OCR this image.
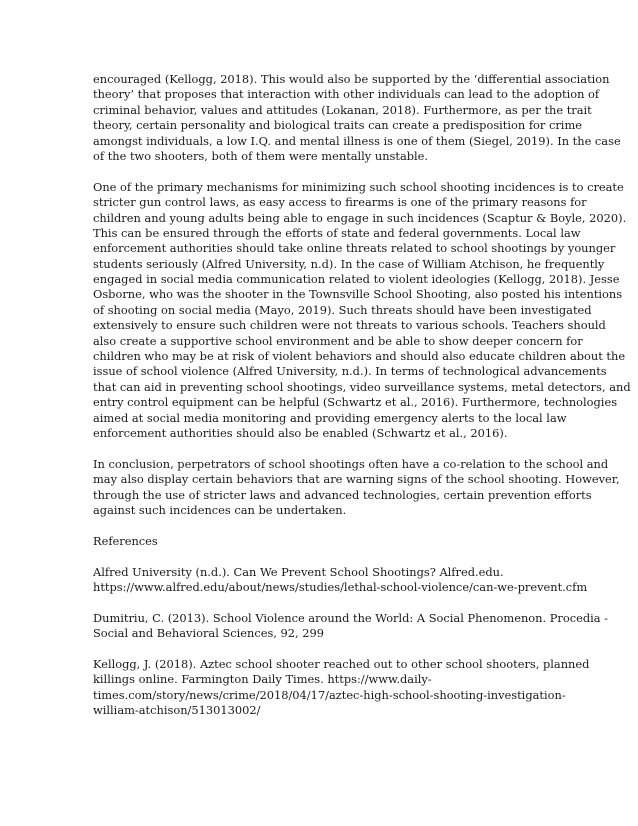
encouraged (Kellogg, 2018). This would also be supported by the ‘differential association
theory’ that proposes that interaction with other individuals can lead to the adoption of
criminal behavior, values and attitudes (Lokanan, 2018). Furthermore, as per the trait
theory, certain personality and biological traits can create a predisposition for crime
amongst individuals, a low I.Q. and mental illness is one of them (Siegel, 2019). In the case
of the two shooters, both of them were mentally unstable.
One of the primary mechanisms for minimizing such school shooting incidences is to create
stricter gun control laws, as easy access to firearms is one of the primary reasons for
children and young adults being able to engage in such incidences (Scaptur & Boyle, 2020).
This can be ensured through the efforts of state and federal governments. Local law
enforcement authorities should take online threats related to school shootings by younger
students seriously (Alfred University, n.d). In the case of William Atchison, he frequently
engaged in social media communication related to violent ideologies (Kellogg, 2018). Jesse
Osborne, who was the shooter in the Townsville School Shooting, also posted his intentions
of shooting on social media (Mayo, 2019). Such threats should have been investigated
extensively to ensure such children were not threats to various schools. Teachers should
also create a supportive school environment and be able to show deeper concern for
children who may be at risk of violent behaviors and should also educate children about the
issue of school violence (Alfred University, n.d.). In terms of technological advancements
that can aid in preventing school shootings, video surveillance systems, metal detectors, and
entry control equipment can be helpful (Schwartz et al., 2016). Furthermore, technologies
aimed at social media monitoring and providing emergency alerts to the local law
enforcement authorities should also be enabled (Schwartz et al., 2016).
In conclusion, perpetrators of school shootings often have a co-relation to the school and
may also display certain behaviors that are warning signs of the school shooting. However,
through the use of stricter laws and advanced technologies, certain prevention efforts
against such incidences can be undertaken.
References
Alfred University (n.d.). Can We Prevent School Shootings? Alfred.edu.
https://www.alfred.edu/about/news/studies/lethal-school-violence/can-we-prevent.cfm
Dumitriu, C. (2013). School Violence around the World: A Social Phenomenon. Procedia -
Social and Behavioral Sciences, 92, 299
Kellogg, J. (2018). Aztec school shooter reached out to other school shooters, planned
killings online. Farmington Daily Times. https://www.daily-
times.com/story/news/crime/2018/04/17/aztec-high-school-shooting-investigation-
william-atchison/513013002/
